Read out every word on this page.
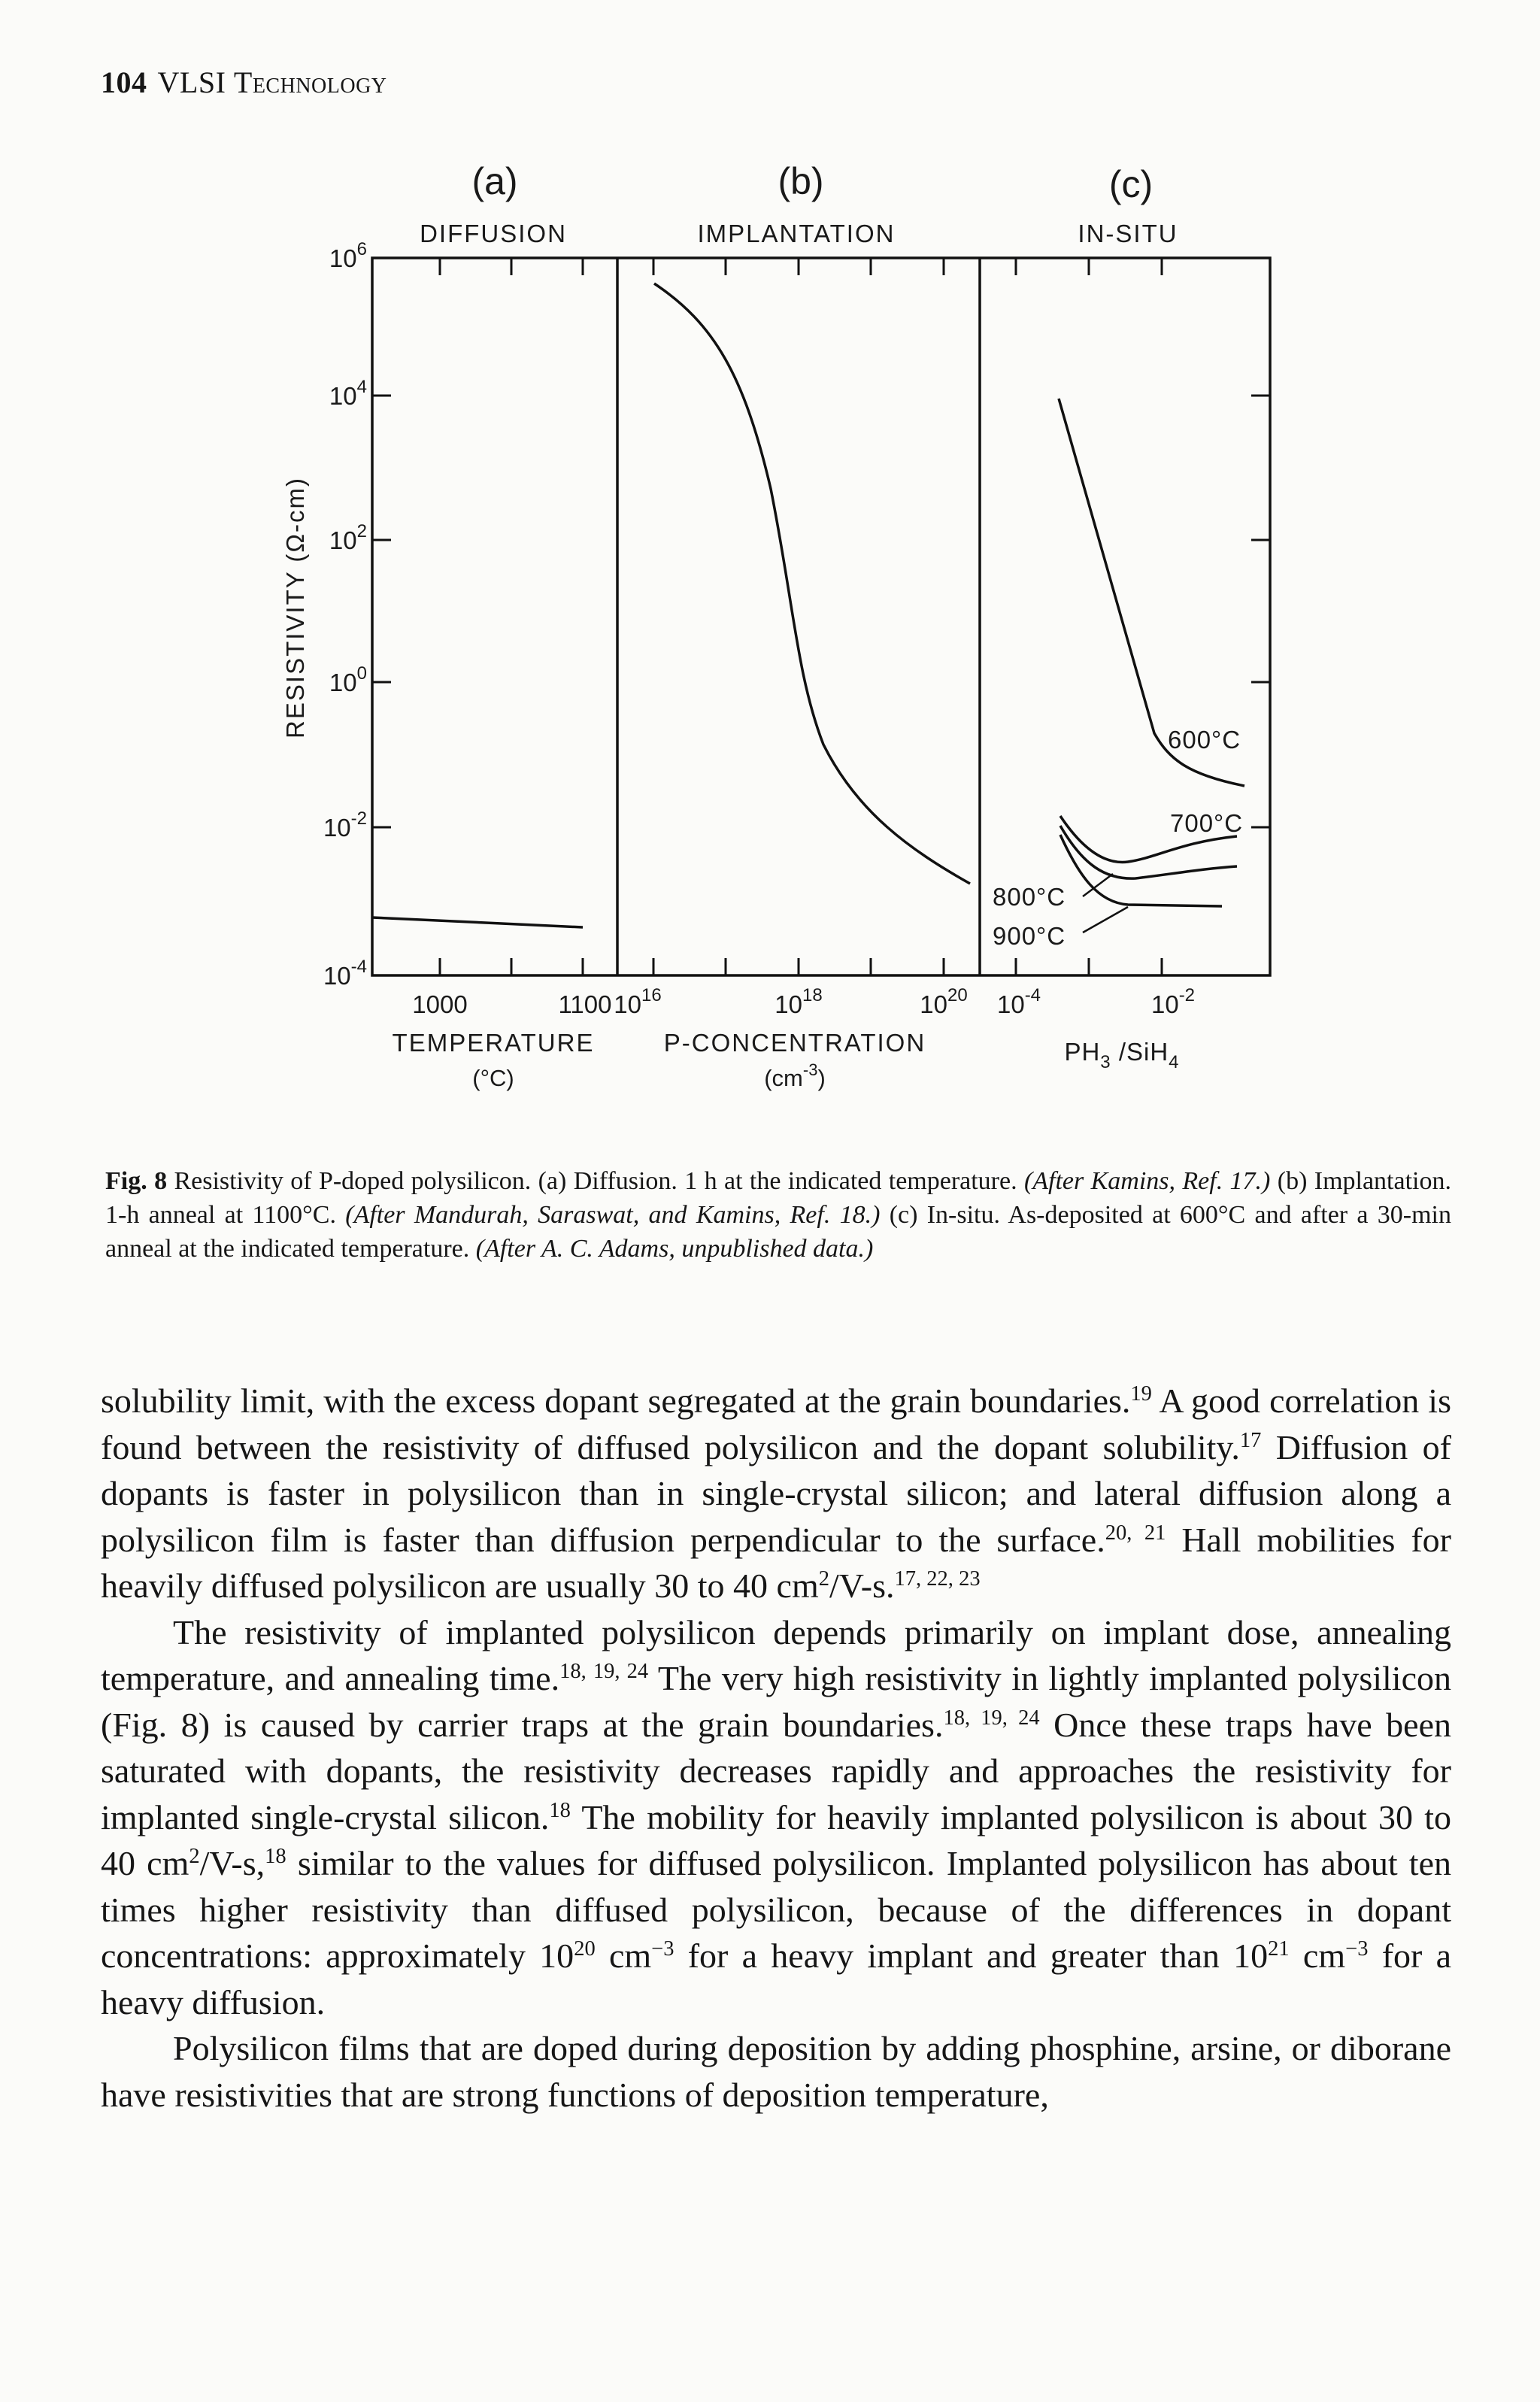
104 VLSI Technology
(a)	(b)	(c)
DIFFUSION	IMPLANTATION	IN-SITU
$10^6$
$10^4$
$10^2$
$10^0$
$10^{-2}$
$10^{-4}$
RESISTIVITY (Ω-cm)
600°C
700°C
800°C
900°C
1000	1100 $10^{16}$	$10^{18}$	$10^{20}$ $10^{-4}$	$10^{-2}$
TEMPERATURE
(°C)
P-CONCENTRATION
$(cm^{-3})$
$PH_3$ /SiH$_4$
Fig. 8 Resistivity of P-doped polysilicon. (a) Diffusion. 1 h at the indicated temperature. (After Kamins, Ref. 17.) (b) Implantation. 1-h anneal at 1100°C. (After Mandurah, Saraswat, and Kamins, Ref. 18.) (c) In-situ. As-deposited at 600°C and after a 30-min anneal at the indicated temperature. (After A. C. Adams, unpublished data.)

solubility limit, with the excess dopant segregated at the grain boundaries.$^{19}$ A good correlation is found between the resistivity of diffused polysilicon and the dopant solubility.$^{17}$ Diffusion of dopants is faster in polysilicon than in single-crystal silicon; and lateral diffusion along a polysilicon film is faster than diffusion perpendicular to the surface.$^{20, 21}$ Hall mobilities for heavily diffused polysilicon are usually 30 to 40 $cm^2/V-s.^{17, 22, 23}$

The resistivity of implanted polysilicon depends primarily on implant dose, annealing temperature, and annealing time.$^{18, 19, 24}$ The very high resistivity in lightly implanted polysilicon (Fig. 8) is caused by carrier traps at the grain boundaries.$^{18, 19, 24}$ Once these traps have been saturated with dopants, the resistivity decreases rapidly and approaches the resistivity for implanted single-crystal silicon.$^{18}$ The mobility for heavily implanted polysilicon is about 30 to 40 $cm^2/V-s,^{18}$ similar to the values for diffused polysilicon. Implanted polysilicon has about ten times higher resistivity than diffused polysilicon, because of the differences in dopant concentrations: approximately $10^{20}$ $cm^{-3}$ for a heavy implant and greater than $10^{21}$ $cm^{-3}$ for a heavy diffusion.

Polysilicon films that are doped during deposition by adding phosphine, arsine, or diborane have resistivities that are strong functions of deposition temperature,
